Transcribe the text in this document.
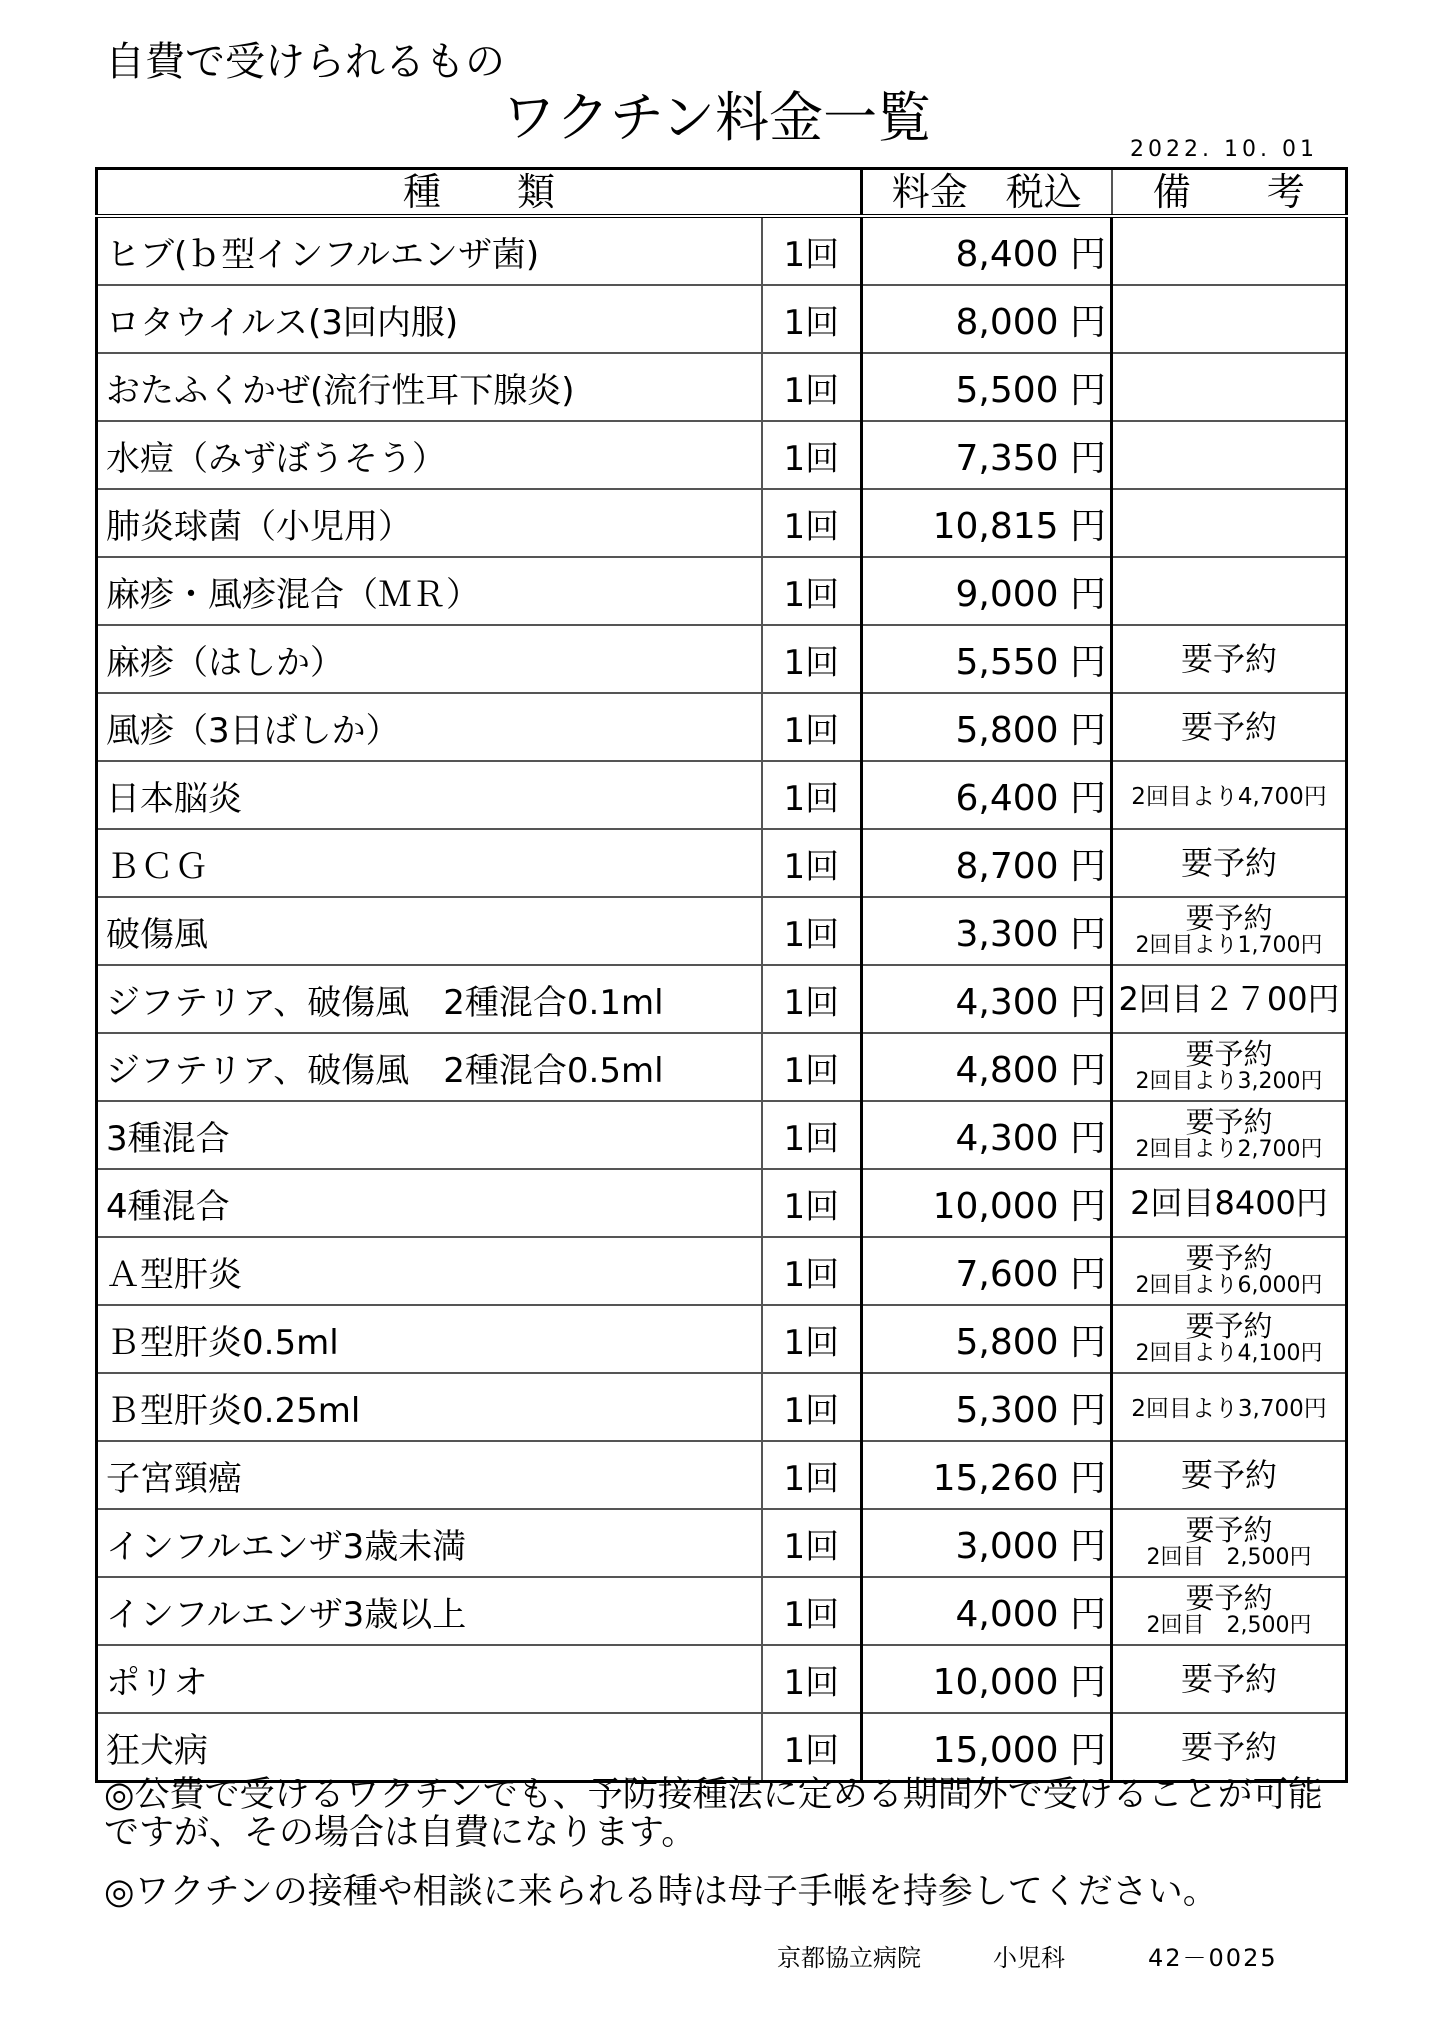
自費で受けられるもの
ワクチン料金一覧
2022. 10. 01
種　　類		料金　税込	備　　考
ヒブ(ｂ型インフルエンザ菌)	1回	8,400 円	
ロタウイルス(3回内服)	1回	8,000 円	
おたふくかぜ(流行性耳下腺炎)	1回	5,500 円	
水痘（みずぼうそう）	1回	7,350 円	
肺炎球菌（小児用）	1回	10,815 円	
麻疹・風疹混合（ＭＲ）	1回	9,000 円	
麻疹（はしか）	1回	5,550 円	要予約
風疹（3日ばしか）	1回	5,800 円	要予約
日本脳炎	1回	6,400 円	2回目より4,700円
ＢＣＧ	1回	8,700 円	要予約
破傷風	1回	3,300 円	要予約
2回目より1,700円

ジフテリア、破傷風　2種混合0.1ml	1回	4,300 円	2回目２７00円
ジフテリア、破傷風　2種混合0.5ml	1回	4,800 円	要予約
2回目より3,200円

3種混合	1回	4,300 円	要予約
2回目より2,700円

4種混合	1回	10,000 円	2回目8400円
Ａ型肝炎	1回	7,600 円	要予約
2回目より6,000円

Ｂ型肝炎0.5ml	1回	5,800 円	要予約
2回目より4,100円

Ｂ型肝炎0.25ml	1回	5,300 円	2回目より3,700円
子宮頸癌	1回	15,260 円	要予約
インフルエンザ3歳未満	1回	3,000 円	要予約
2回目　2,500円

インフルエンザ3歳以上	1回	4,000 円	要予約
2回目　2,500円

ポリオ	1回	10,000 円	要予約
狂犬病	1回	15,000 円	要予約
◎公費で受けるワクチンでも、予防接種法に定める期間外で受けることが可能ですが、その場合は自費になります。
◎ワクチンの接種や相談に来られる時は母子手帳を持参してください。
京都協立病院	小児科	42－0025
